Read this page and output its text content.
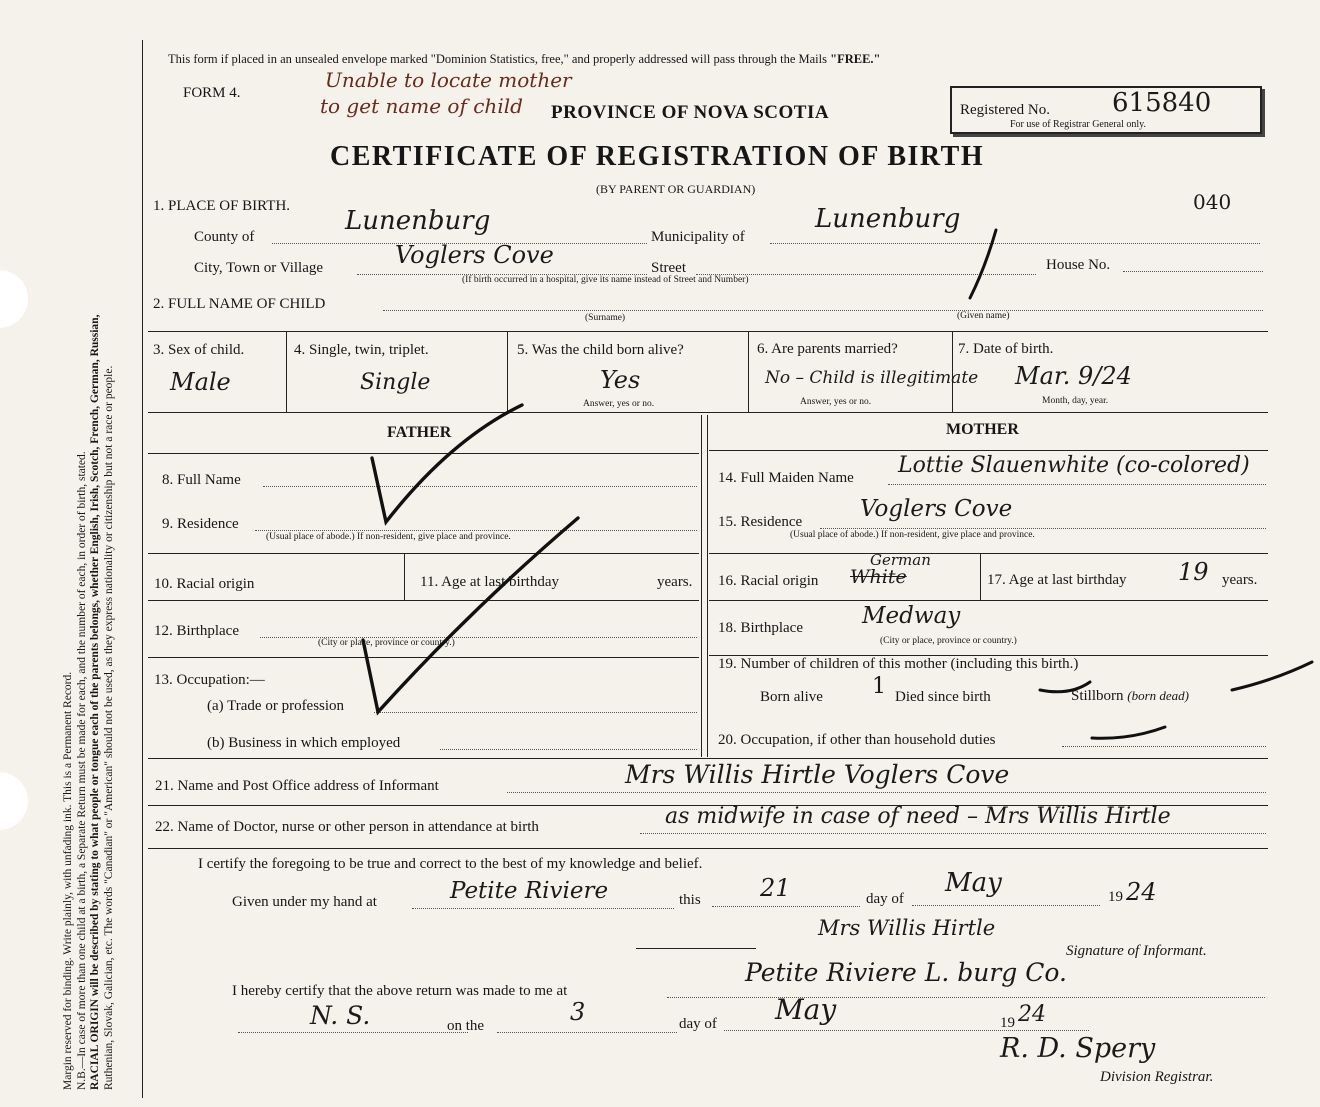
Margin reserved for binding. Write plainly, with unfading ink. This is a Permanent Record. N.B.—In case of more than one child at a birth, a Separate Return must be made for each, and the number of each, in order of birth, stated. RACIAL ORIGIN will be described by stating to what people or tongue each of the parents belongs, whether English, Irish, Scotch, French, German, Russian, Ruthenian, Slovak, Galician, etc. The words "Canadian" or "American" should not be used, as they express nationality or citizenship but not a race or people.
This form if placed in an unsealed envelope marked "Dominion Statistics, free," and properly addressed will pass through the Mails "FREE."
FORM 4.
Unable to locate mother
to get name of child PROVINCE OF NOVA SCOTIA
CERTIFICATE OF REGISTRATION OF BIRTH
(BY PARENT OR GUARDIAN)
Registered No. 615840
For use of Registrar General only.
040
1. PLACE OF BIRTH.
County of
Lunenburg
Municipality of
Lunenburg
City, Town or Village	Voglers Cove	Street	House No.
(If birth occurred in a hospital, give its name instead of Street and Number)
2. FULL NAME OF CHILD
(Surname)	(Given name)
3. Sex of child.
Male
4. Single, twin, triplet.
Single
5. Was the child born alive?
Yes
Answer, yes or no.
6. Are parents married?
No – Child is illegitimate
Answer, yes or no.
7. Date of birth.
Mar. 9/24
Month, day, year.
FATHER
8. Full Name
9. Residence
(Usual place of abode.) If non-resident, give place and province.
10. Racial origin	11. Age at last birthday	years.
12. Birthplace
(City or place, province or country.)
13. Occupation:—
(a) Trade or profession
(b) Business in which employed
MOTHER
14. Full Maiden Name Lottie Slauenwhite (co-colored)
15. Residence	Voglers Cove
(Usual place of abode.) If non-resident, give place and province.
16. Racial origin
German
White	17. Age at last birthday 19 years.
18. Birthplace	Medway
(City or place, province or country.)
19. Number of children of this mother (including this birth.)
Born alive 1 Died since birth	Stillborn (born dead)
20. Occupation, if other than household duties
21. Name and Post Office address of Informant	Mrs Willis Hirtle Voglers Cove
22. Name of Doctor, nurse or other person in attendance at birth	as midwife in case of need – Mrs Willis Hirtle
I certify the foregoing to be true and correct to the best of my knowledge and belief.
Given under my hand at	Petite Riviere	this 21	day of
May	19 24
Mrs Willis Hirtle
Signature of Informant.
I hereby certify that the above return was made to me at
Petite Riviere L. burg Co.
N. S.	on the	3	day of May	19 24
R. D. Spery
Division Registrar.
